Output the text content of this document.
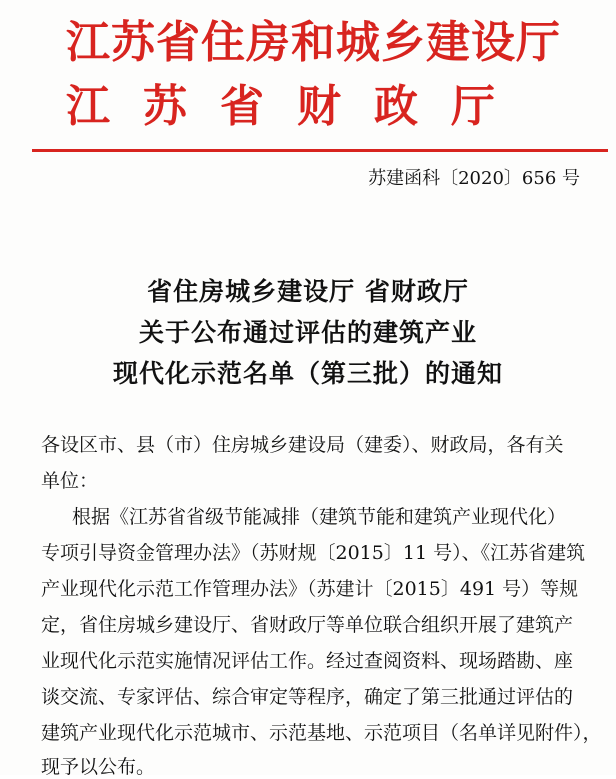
江苏省住房和城乡建设厅
江苏省财政厅
苏建函科〔2020〕656 号
省住房城乡建设厅 省财政厅
关于公布通过评估的建筑产业
现代化示范名单（第三批）的通知
各设区市、县（市）住房城乡建设局（建委）、财政局，各有关
单位：
根据《江苏省省级节能减排（建筑节能和建筑产业现代化）
专项引导资金管理办法》（苏财规〔2015〕11 号）、《江苏省建筑
产业现代化示范工作管理办法》（苏建计〔2015〕491 号）等规
定，省住房城乡建设厅、省财政厅等单位联合组织开展了建筑产
业现代化示范实施情况评估工作。经过查阅资料、现场踏勘、座
谈交流、专家评估、综合审定等程序，确定了第三批通过评估的
建筑产业现代化示范城市、示范基地、示范项目（名单详见附件），
现予以公布。
